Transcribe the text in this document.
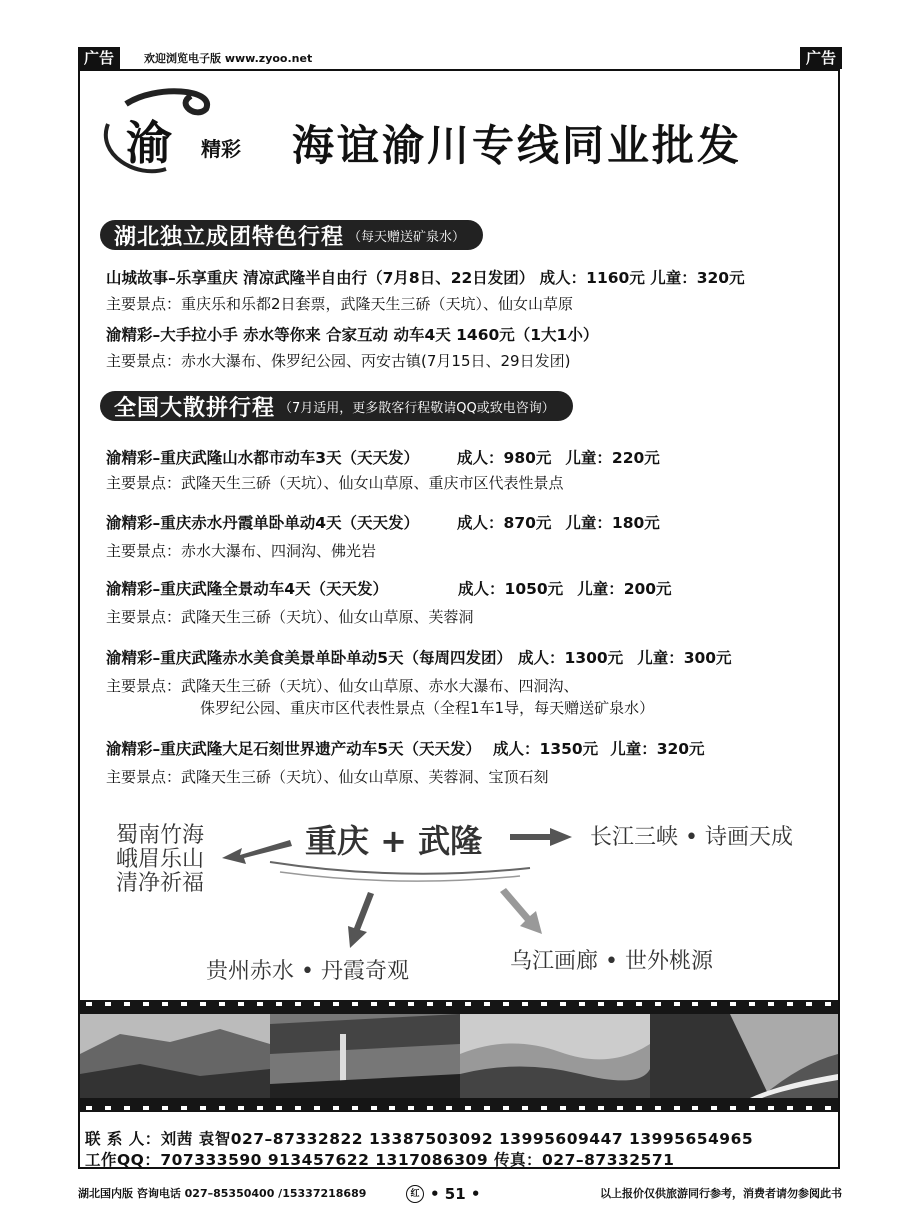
广告	欢迎浏览电子版 www.zyoo.net	广告
渝 精彩 海谊渝川专线同业批发
湖北独立成团特色行程 （每天赠送矿泉水）
山城故事–乐享重庆 清凉武隆半自由行（7月8日、22日发团） 成人：1160元 儿童：320元
主要景点：重庆乐和乐都2日套票，武隆天生三硚（天坑）、仙女山草原
渝精彩–大手拉小手 赤水等你来 合家互动 动车4天 1460元（1大1小）
主要景点：赤水大瀑布、侏罗纪公园、丙安古镇(7月15日、29日发团)
全国大散拼行程 （7月适用，更多散客行程敬请QQ或致电咨询）
渝精彩–重庆武隆山水都市动车3天（天天发） 成人：980元 儿童：220元
主要景点：武隆天生三硚（天坑）、仙女山草原、重庆市区代表性景点
渝精彩–重庆赤水丹霞单卧单动4天（天天发） 成人：870元 儿童：180元
主要景点：赤水大瀑布、四洞沟、佛光岩
渝精彩–重庆武隆全景动车4天（天天发）	成人：1050元 儿童：200元
主要景点：武隆天生三硚（天坑）、仙女山草原、芙蓉洞
渝精彩–重庆武隆赤水美食美景单卧单动5天（每周四发团） 成人：1300元 儿童：300元
主要景点：武隆天生三硚（天坑）、仙女山草原、赤水大瀑布、四洞沟、
侏罗纪公园、重庆市区代表性景点（全程1车1导，每天赠送矿泉水）
渝精彩–重庆武隆大足石刻世界遗产动车5天（天天发） 成人：1350元 儿童：320元
主要景点：武隆天生三硚（天坑）、仙女山草原、芙蓉洞、宝顶石刻
重庆 + 武隆
蜀南竹海
峨眉乐山
清净祈福
长江三峡 • 诗画天成
贵州赤水 • 丹霞奇观	乌江画廊 • 世外桃源
联 系 人：刘茜 袁智027–87332822 13387503092 13995609447 13995654965
工作QQ：707333590 913457622 1317086309 传真：027–87332571
湖北国内版 咨询电话 027–85350400 /15337218689	红 • 51 •	以上报价仅供旅游同行参考，消费者请勿参阅此书
